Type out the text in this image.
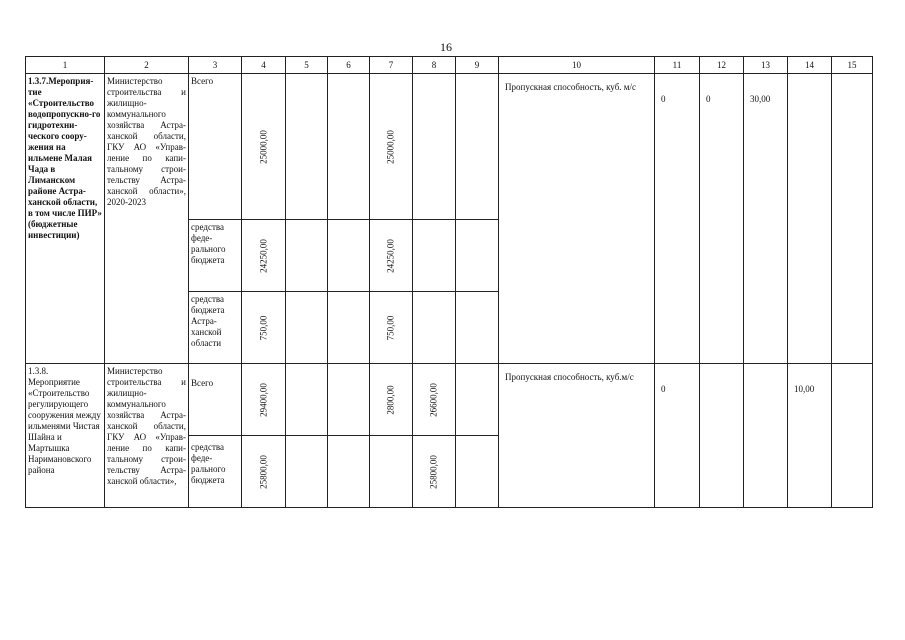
16
1	2	3	4	5	6	7	8	9	10	11	12	13	14	15
1.3.7.Мероприя-тие «Строительство водопропускно-го гидротехни-ческого соору-жения на ильмене Малая Чада в Лиманском районе Астра-ханской области, в том числе ПИР» (бюджетные инвестиции)	Министерство строительства и жилищно-коммунального хозяйства Астра-ханской области, ГКУ АО «Управ-ление по капи-тальному строи-тельству Астра-ханской области», 2020-2023	Всего	25000,00			25000,00			Пропускная способность, куб. м/с	0	0	30,00		
		средства феде-рального бюджета	24250,00			24250,00								

		средства бюджета Астра-ханской области	750,00			750,00								

1.3.8. Мероприятие «Строительство регулирующего сооружения между ильменями Чистая Шайна и Мартышка Наримановского района	Министерство строительства и жилищно-коммунального хозяйства Астра-ханской области, ГКУ АО «Управ-ление по капи-тальному строи-тельству Астра-ханской области»,	Всего	29400,00			2800,00	26600,00		Пропускная способность, куб.м/с	0			10,00	
		средства феде-рального бюджета	25800,00				25800,00							
